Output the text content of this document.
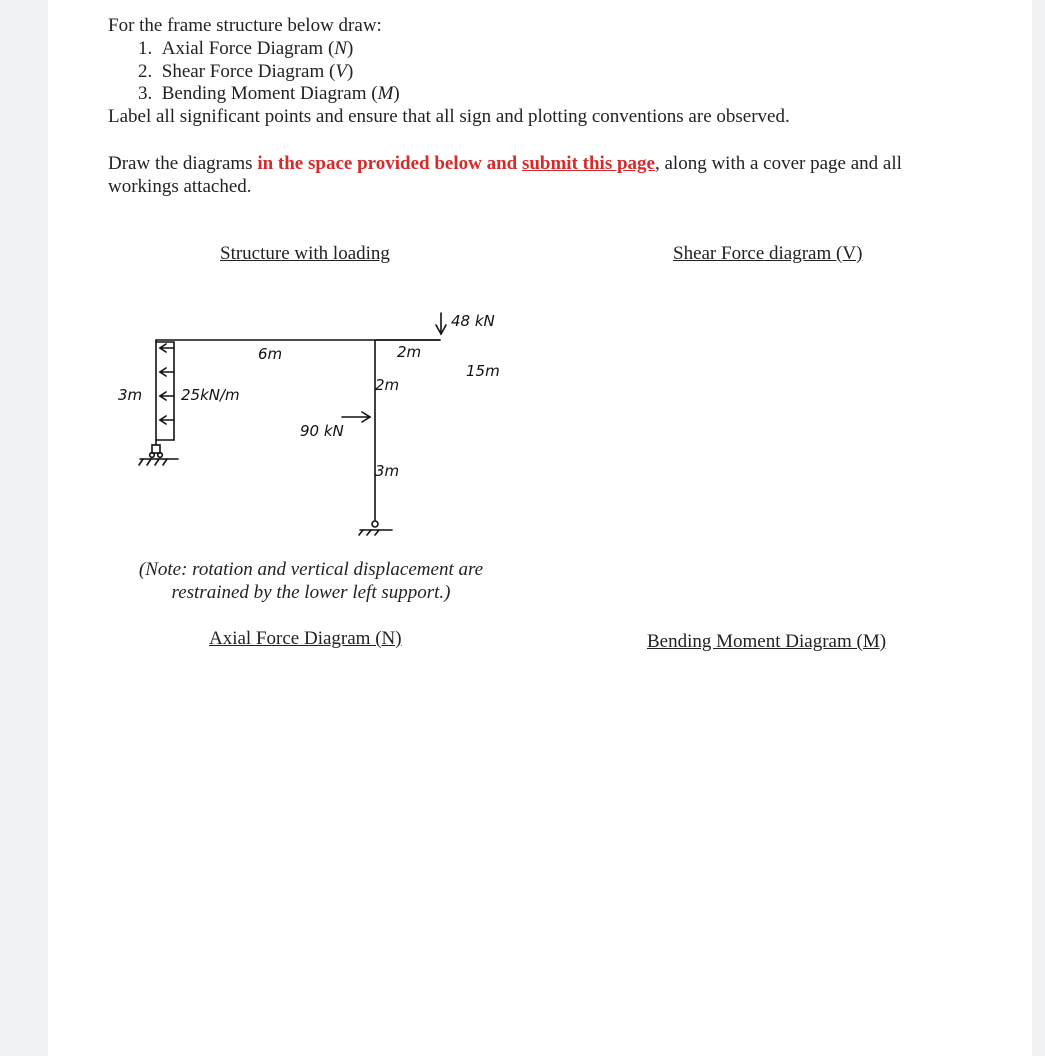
For the frame structure below draw:
1. Axial Force Diagram (N)
2. Shear Force Diagram (V)
3. Bending Moment Diagram (M)
Label all significant points and ensure that all sign and plotting conventions are observed.
Draw the diagrams in the space provided below and submit this page, along with a cover page and all
workings attached.
Structure with loading	Shear Force diagram (V)
Axial Force Diagram (N)	Bending Moment Diagram (M)
48 kN
6m	2m
15m
3m	25kN/m
2m
90 kN
3m
(Note: rotation and vertical displacement are restrained by the lower left support.)
